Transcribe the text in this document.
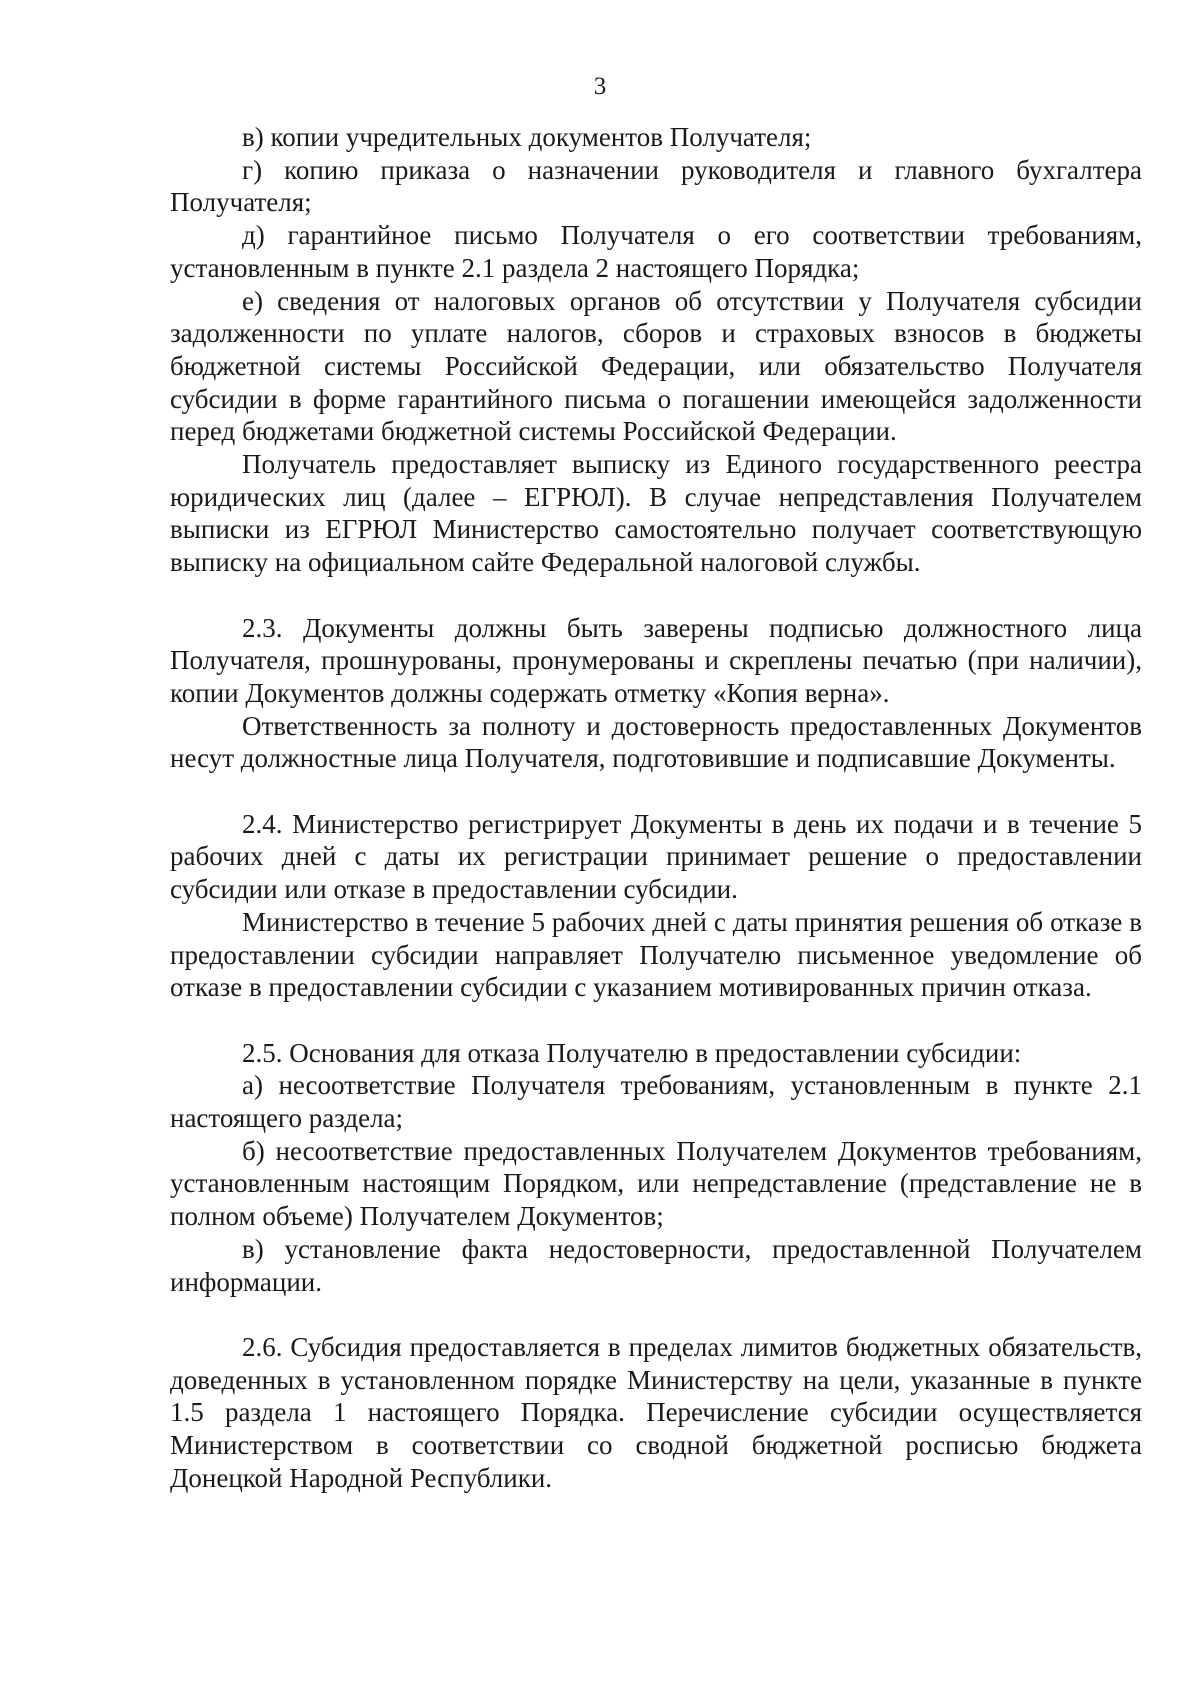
3

в) копии учредительных документов Получателя;

г) копию приказа о назначении руководителя и главного бухгалтера Получателя;

д) гарантийное письмо Получателя о его соответствии требованиям, установленным в пункте 2.1 раздела 2 настоящего Порядка;

е) сведения от налоговых органов об отсутствии у Получателя субсидии задолженности по уплате налогов, сборов и страховых взносов в бюджеты бюджетной системы Российской Федерации, или обязательство Получателя субсидии в форме гарантийного письма о погашении имеющейся задолженности перед бюджетами бюджетной системы Российской Федерации.

Получатель предоставляет выписку из Единого государственного реестра юридических лиц (далее – ЕГРЮЛ). В случае непредставления Получателем выписки из ЕГРЮЛ Министерство самостоятельно получает соответствующую выписку на официальном сайте Федеральной налоговой службы.

2.3. Документы должны быть заверены подписью должностного лица Получателя, прошнурованы, пронумерованы и скреплены печатью (при наличии), копии Документов должны содержать отметку «Копия верна».

Ответственность за полноту и достоверность предоставленных Документов несут должностные лица Получателя, подготовившие и подписавшие Документы.

2.4. Министерство регистрирует Документы в день их подачи и в течение 5 рабочих дней с даты их регистрации принимает решение о предоставлении субсидии или отказе в предоставлении субсидии.

Министерство в течение 5 рабочих дней с даты принятия решения об отказе в предоставлении субсидии направляет Получателю письменное уведомление об отказе в предоставлении субсидии с указанием мотивированных причин отказа.

2.5. Основания для отказа Получателю в предоставлении субсидии:

а) несоответствие Получателя требованиям, установленным в пункте 2.1 настоящего раздела;

б) несоответствие предоставленных Получателем Документов требованиям, установленным настоящим Порядком, или непредставление (представление не в полном объеме) Получателем Документов;

в) установление факта недостоверности, предоставленной Получателем информации.

2.6. Субсидия предоставляется в пределах лимитов бюджетных обязательств, доведенных в установленном порядке Министерству на цели, указанные в пункте 1.5 раздела 1 настоящего Порядка. Перечисление субсидии осуществляется Министерством в соответствии со сводной бюджетной росписью бюджета Донецкой Народной Республики.
